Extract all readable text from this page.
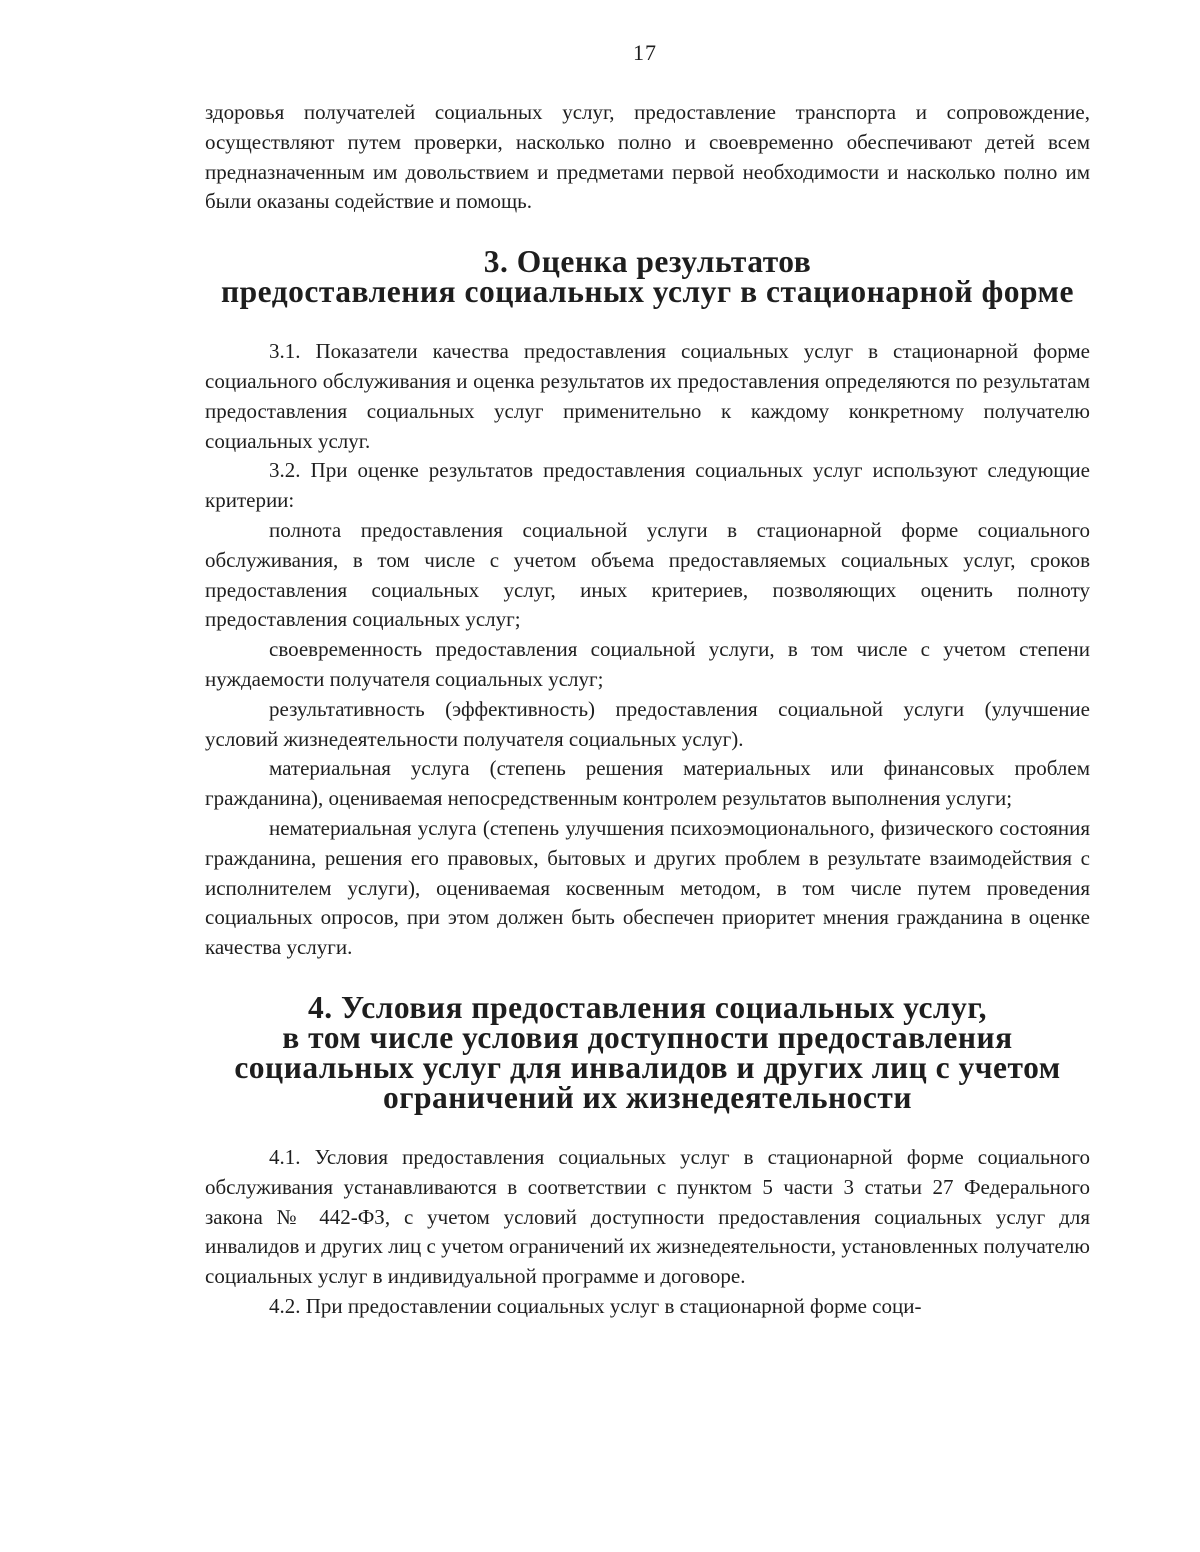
17

здоровья получателей социальных услуг, предоставление транспорта и сопровождение, осуществляют путем проверки, насколько полно и своевременно обеспечивают детей всем предназначенным им довольствием и предметами первой необходимости и насколько полно им были оказаны содействие и помощь.

3. Оценка результатов
предоставления социальных услуг в стационарной форме

3.1. Показатели качества предоставления социальных услуг в стационарной форме социального обслуживания и оценка результатов их предоставления определяются по результатам предоставления социальных услуг применительно к каждому конкретному получателю социальных услуг.

3.2. При оценке результатов предоставления социальных услуг используют следующие критерии:

полнота предоставления социальной услуги в стационарной форме социального обслуживания, в том числе с учетом объема предоставляемых социальных услуг, сроков предоставления социальных услуг, иных критериев, позволяющих оценить полноту предоставления социальных услуг;

своевременность предоставления социальной услуги, в том числе с учетом степени нуждаемости получателя социальных услуг;

результативность (эффективность) предоставления социальной услуги (улучшение условий жизнедеятельности получателя социальных услуг).

материальная услуга (степень решения материальных или финансовых проблем гражданина), оцениваемая непосредственным контролем результатов выполнения услуги;

нематериальная услуга (степень улучшения психоэмоционального, физического состояния гражданина, решения его правовых, бытовых и других проблем в результате взаимодействия с исполнителем услуги), оцениваемая косвенным методом, в том числе путем проведения социальных опросов, при этом должен быть обеспечен приоритет мнения гражданина в оценке качества услуги.

4. Условия предоставления социальных услуг,
в том числе условия доступности предоставления
социальных услуг для инвалидов и других лиц с учетом
ограничений их жизнедеятельности

4.1. Условия предоставления социальных услуг в стационарной форме социального обслуживания устанавливаются в соответствии с пунктом 5 части 3 статьи 27 Федерального закона № 442-ФЗ, с учетом условий доступности предоставления социальных услуг для инвалидов и других лиц с учетом ограничений их жизнедеятельности, установленных получателю социальных услуг в индивидуальной программе и договоре.

4.2. При предоставлении социальных услуг в стационарной форме соци-
